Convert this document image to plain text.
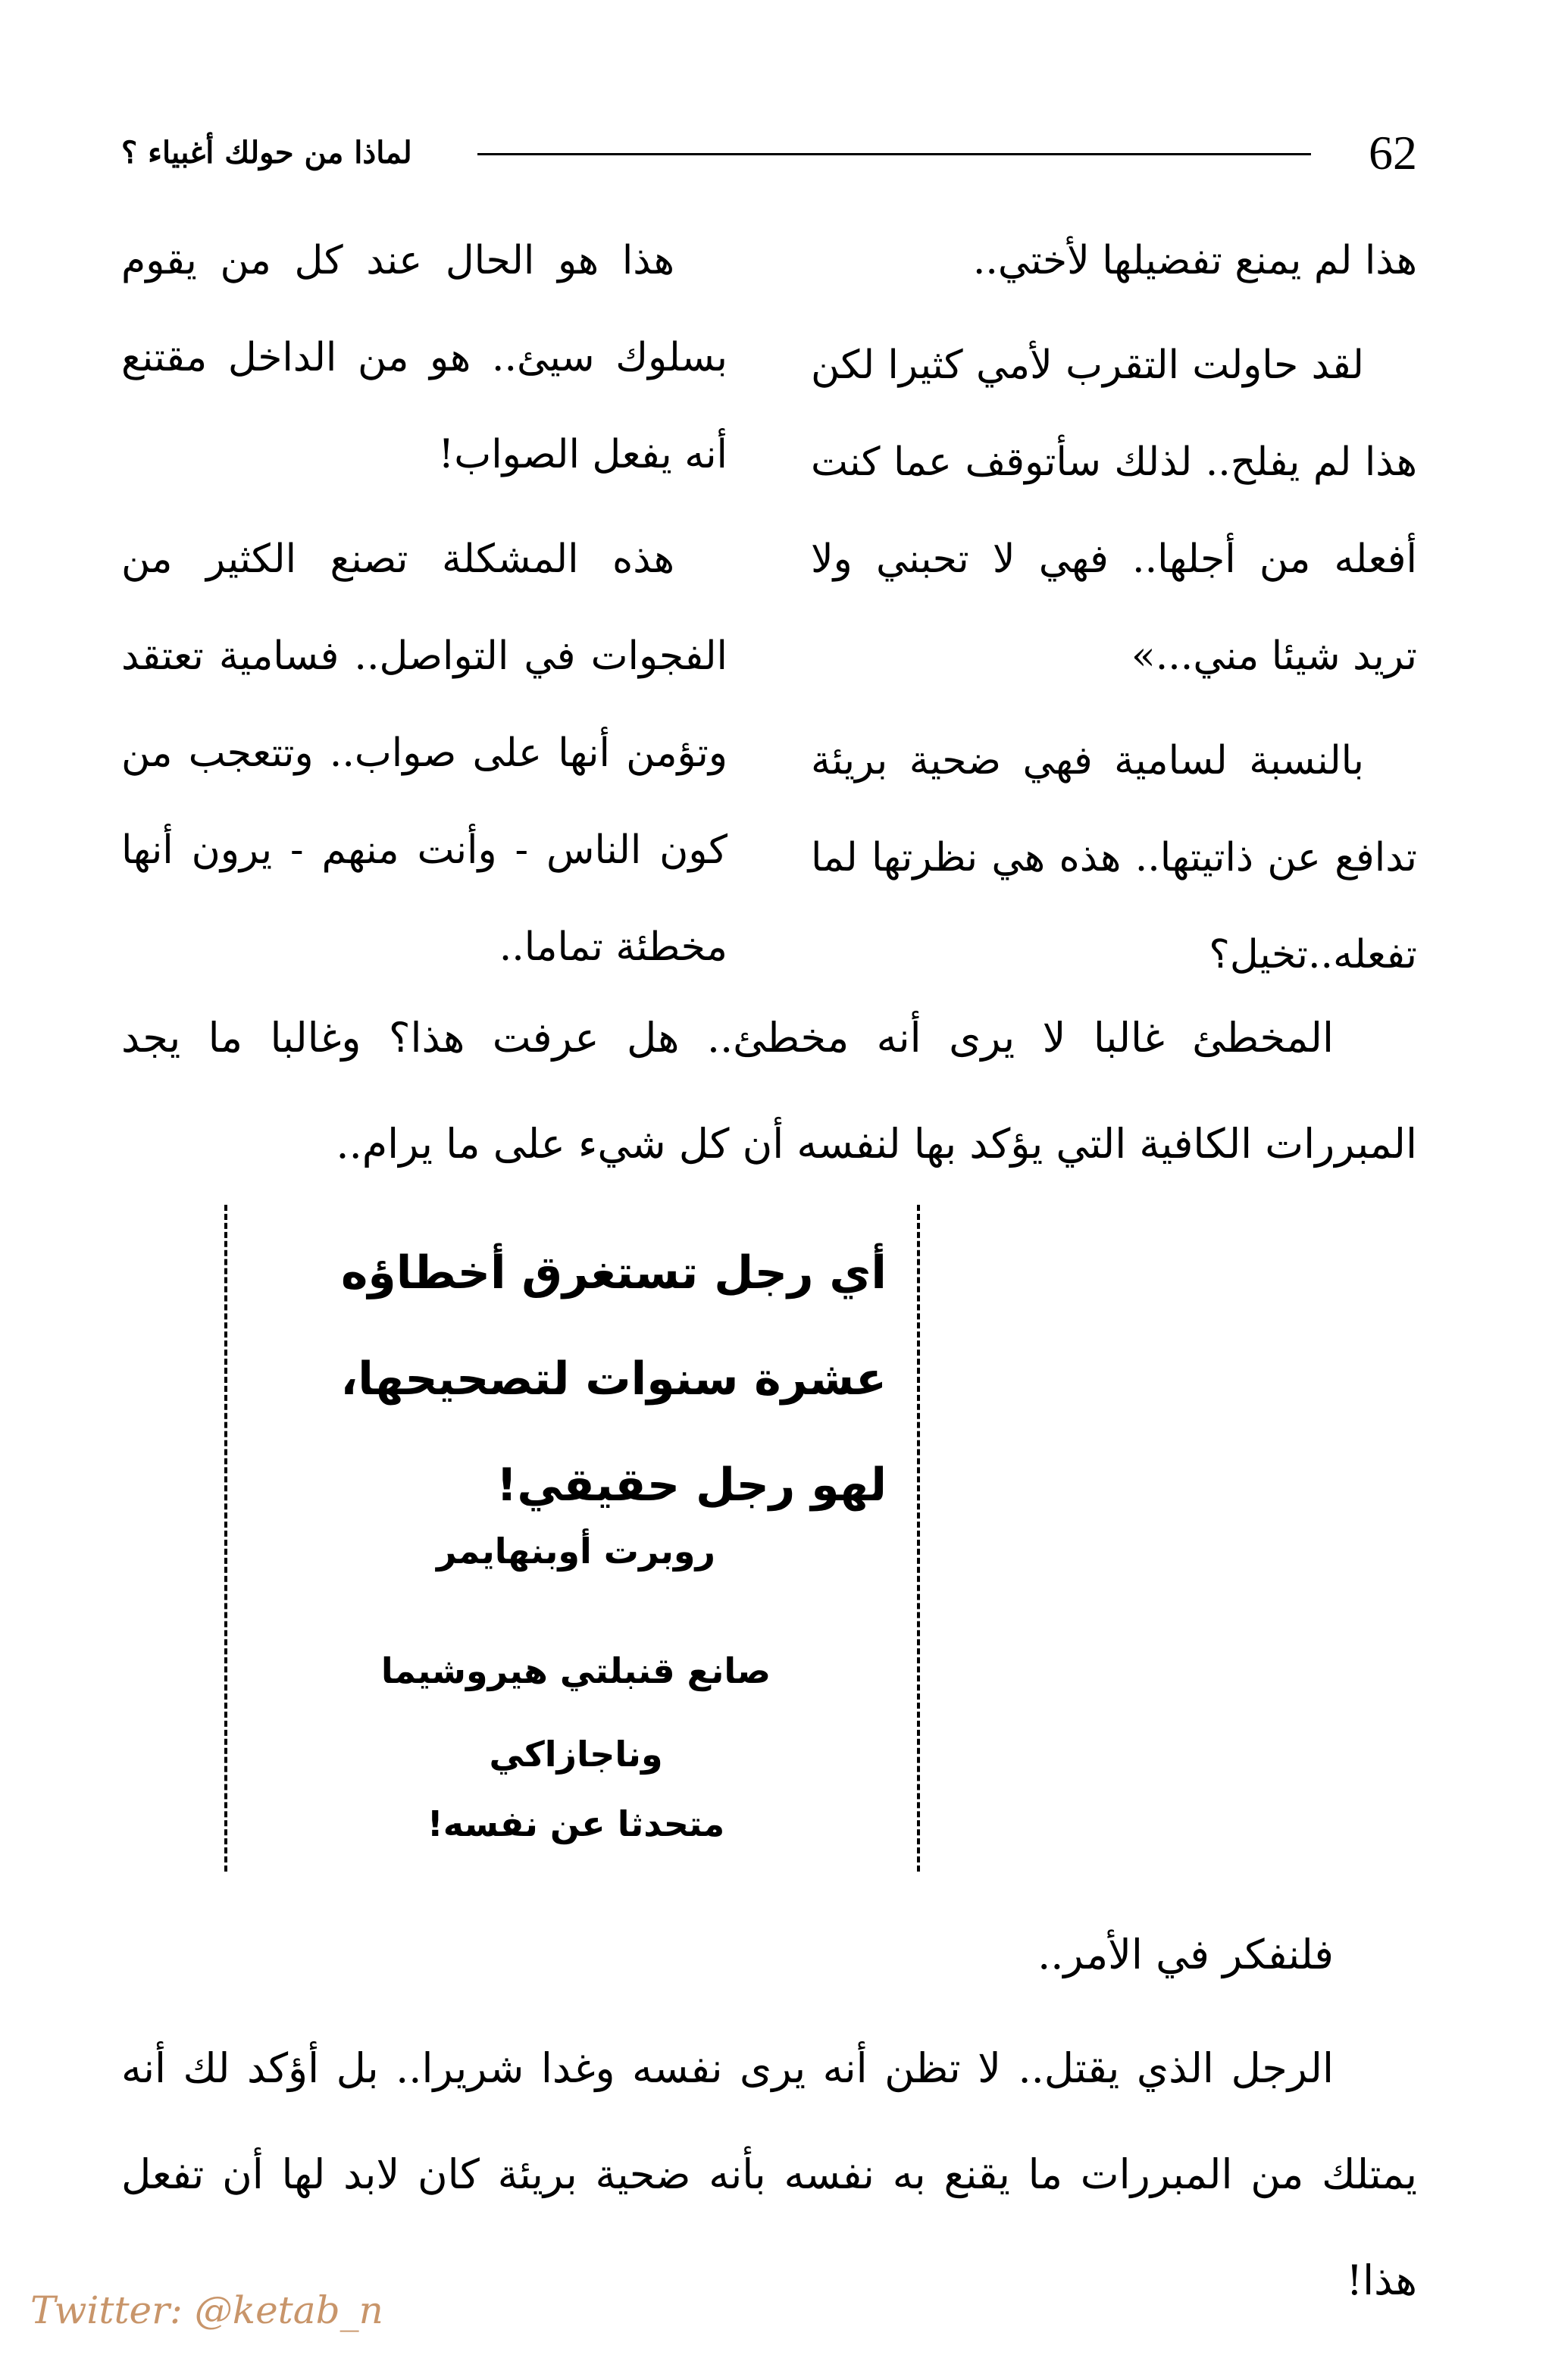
لماذا من حولك أغبياء ؟	62

هذا لم يمنع تفضيلها لأختي..

لقد حاولت التقرب لأمي كثيرا لكن هذا لم يفلح.. لذلك سأتوقف عما كنت أفعله من أجلها.. فهي لا تحبني ولا تريد شيئا مني...»

بالنسبة لسامية فهي ضحية بريئة تدافع عن ذاتيتها.. هذه هي نظرتها لما تفعله..تخيل؟

هذا هو الحال عند كل من يقوم بسلوك سيئ.. هو من الداخل مقتنع أنه يفعل الصواب!

هذه المشكلة تصنع الكثير من الفجوات في التواصل.. فسامية تعتقد وتؤمن أنها على صواب.. وتتعجب من كون الناس - وأنت منهم - يرون أنها مخطئة تماما..

المخطئ غالبا لا يرى أنه مخطئ.. هل عرفت هذا؟ وغالبا ما يجد المبررات الكافية التي يؤكد بها لنفسه أن كل شيء على ما يرام..

أي رجل تستغرق أخطاؤه
عشرة سنوات لتصحيحها،
لهو رجل حقيقي!
روبرت أوبنهايمر
صانع قنبلتي هيروشيما
وناجازاكي
متحدثا عن نفسه!

فلنفكر في الأمر..

الرجل الذي يقتل.. لا تظن أنه يرى نفسه وغدا شريرا.. بل أؤكد لك أنه يمتلك من المبررات ما يقنع به نفسه بأنه ضحية بريئة كان لابد لها أن تفعل هذا!

Twitter: @ketab_n
